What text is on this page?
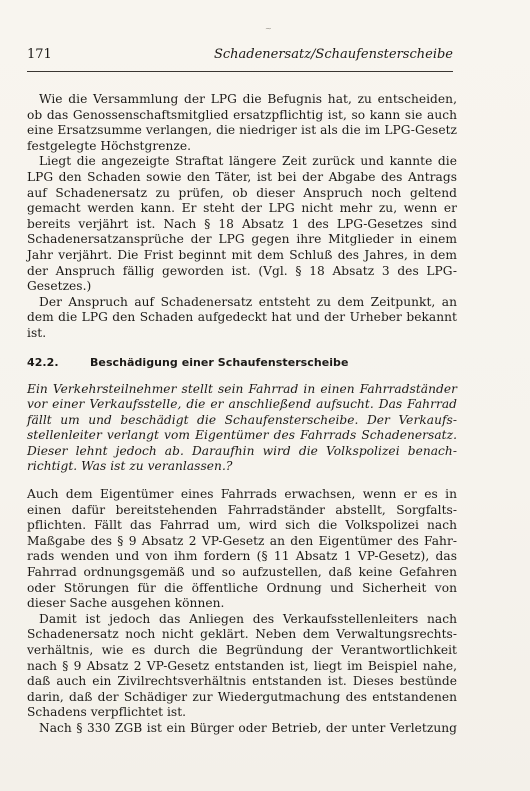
~
171	Schadenersatz/Schaufensterscheibe
Wie die Versammlung der LPG die Befugnis hat, zu entscheiden,
ob das Genossenschaftsmitglied ersatzpflichtig ist, so kann sie auch
eine Ersatzsumme verlangen, die niedriger ist als die im LPG-Gesetz
festgelegte Höchstgrenze.
Liegt die angezeigte Straftat längere Zeit zurück und kannte die
LPG den Schaden sowie den Täter, ist bei der Abgabe des Antrags
auf Schadenersatz zu prüfen, ob dieser Anspruch noch geltend
gemacht werden kann. Er steht der LPG nicht mehr zu, wenn er
bereits verjährt ist. Nach § 18 Absatz 1 des LPG-Gesetzes sind
Schadenersatzansprüche der LPG gegen ihre Mitglieder in einem
Jahr verjährt. Die Frist beginnt mit dem Schluß des Jahres, in dem
der Anspruch fällig geworden ist. (Vgl. § 18 Absatz 3 des LPG-
Gesetzes.)
Der Anspruch auf Schadenersatz entsteht zu dem Zeitpunkt, an
dem die LPG den Schaden aufgedeckt hat und der Urheber bekannt
ist.
42.2.	Beschädigung einer Schaufensterscheibe
Ein Verkehrsteilnehmer stellt sein Fahrrad in einen Fahrradständer
vor einer Verkaufsstelle, die er anschließend aufsucht. Das Fahrrad
fällt um und beschädigt die Schaufensterscheibe. Der Verkaufs-
stellenleiter verlangt vom Eigentümer des Fahrrads Schadenersatz.
Dieser lehnt jedoch ab. Daraufhin wird die Volkspolizei benach-
richtigt. Was ist zu veranlassen.?
Auch dem Eigentümer eines Fahrrads erwachsen, wenn er es in
einen dafür bereitstehenden Fahrradständer abstellt, Sorgfalts-
pflichten. Fällt das Fahrrad um, wird sich die Volkspolizei nach
Maßgabe des § 9 Absatz 2 VP-Gesetz an den Eigentümer des Fahr-
rads wenden und von ihm fordern (§ 11 Absatz 1 VP-Gesetz), das
Fahrrad ordnungsgemäß und so aufzustellen, daß keine Gefahren
oder Störungen für die öffentliche Ordnung und Sicherheit von
dieser Sache ausgehen können.
Damit ist jedoch das Anliegen des Verkaufsstellenleiters nach
Schadenersatz noch nicht geklärt. Neben dem Verwaltungsrechts-
verhältnis, wie es durch die Begründung der Verantwortlichkeit
nach § 9 Absatz 2 VP-Gesetz entstanden ist, liegt im Beispiel nahe,
daß auch ein Zivilrechtsverhältnis entstanden ist. Dieses bestünde
darin, daß der Schädiger zur Wiedergutmachung des entstandenen
Schadens verpflichtet ist.
Nach § 330 ZGB ist ein Bürger oder Betrieb, der unter Verletzung
